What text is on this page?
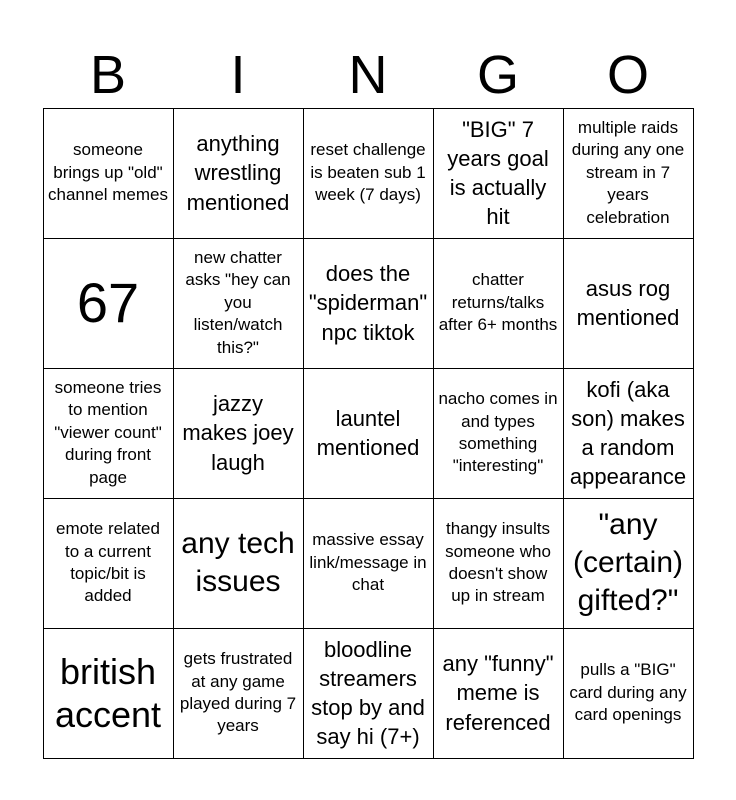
B	I	N	G	O
someone brings up "old" channel memes
anything wrestling mentioned
reset challenge is beaten sub 1 week (7 days)
"BIG" 7 years goal is actually hit
multiple raids during any one stream in 7 years celebration
67
new chatter asks "hey can you listen/watch this?"
does the "spiderman" npc tiktok
chatter returns/talks after 6+ months
asus rog mentioned
someone tries to mention "viewer count" during front page
jazzy makes joey laugh
launtel mentioned
nacho comes in and types something "interesting"
kofi (aka son) makes a random appearance
emote related to a current topic/bit is added
any tech issues
massive essay link/message in chat
thangy insults someone who doesn't show up in stream
"any (certain) gifted?"
british accent
gets frustrated at any game played during 7 years
bloodline streamers stop by and say hi (7+)
any "funny" meme is referenced
pulls a "BIG" card during any card openings
